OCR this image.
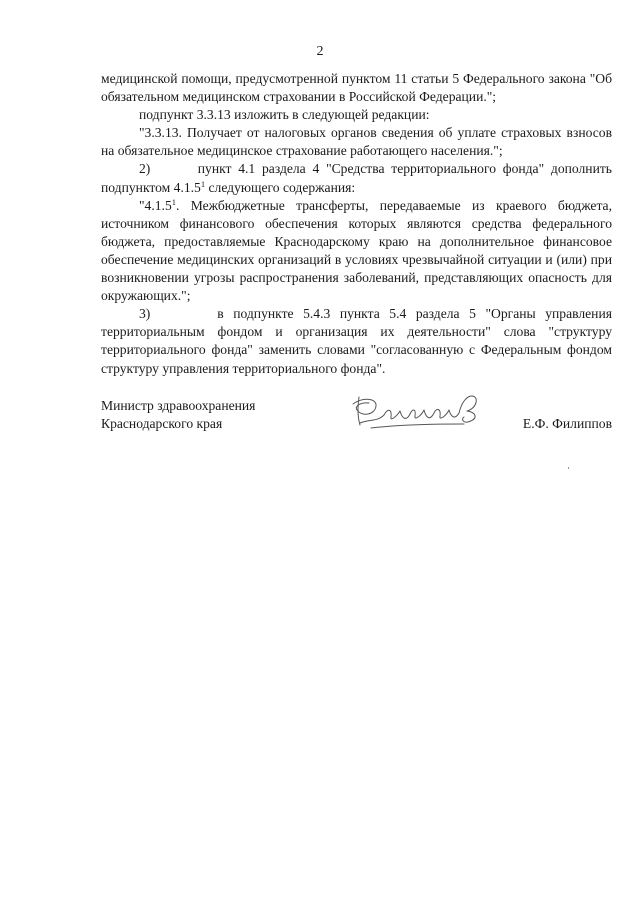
2

медицинской помощи, предусмотренной пунктом 11 статьи 5 Федерального закона "Об обязательном медицинском страховании в Российской Федерации.";

подпункт 3.3.13 изложить в следующей редакции:

"3.3.13. Получает от налоговых органов сведения об уплате страховых взносов на обязательное медицинское страхование работающего населения.";

2)       пункт 4.1 раздела 4 "Средства территориального фонда" дополнить подпунктом 4.1.5$^1$ следующего содержания:

"4.1.5$^1$. Межбюджетные трансферты, передаваемые из краевого бюджета, источником финансового обеспечения которых являются средства федерального бюджета, предоставляемые Краснодарскому краю на дополнительное финансовое обеспечение медицинских организаций в условиях чрезвычайной ситуации и (или) при возникновении угрозы распространения заболеваний, представляющих опасность для окружающих.";

3)       в подпункте 5.4.3 пункта 5.4 раздела 5 "Органы управления территориальным фондом и организация их деятельности" слова "структуру территориального фонда" заменить словами "согласованную с Федеральным фондом структуру управления территориального фонда".

Министр здравоохранения
Краснодарского края	Е.Ф. Филиппов
